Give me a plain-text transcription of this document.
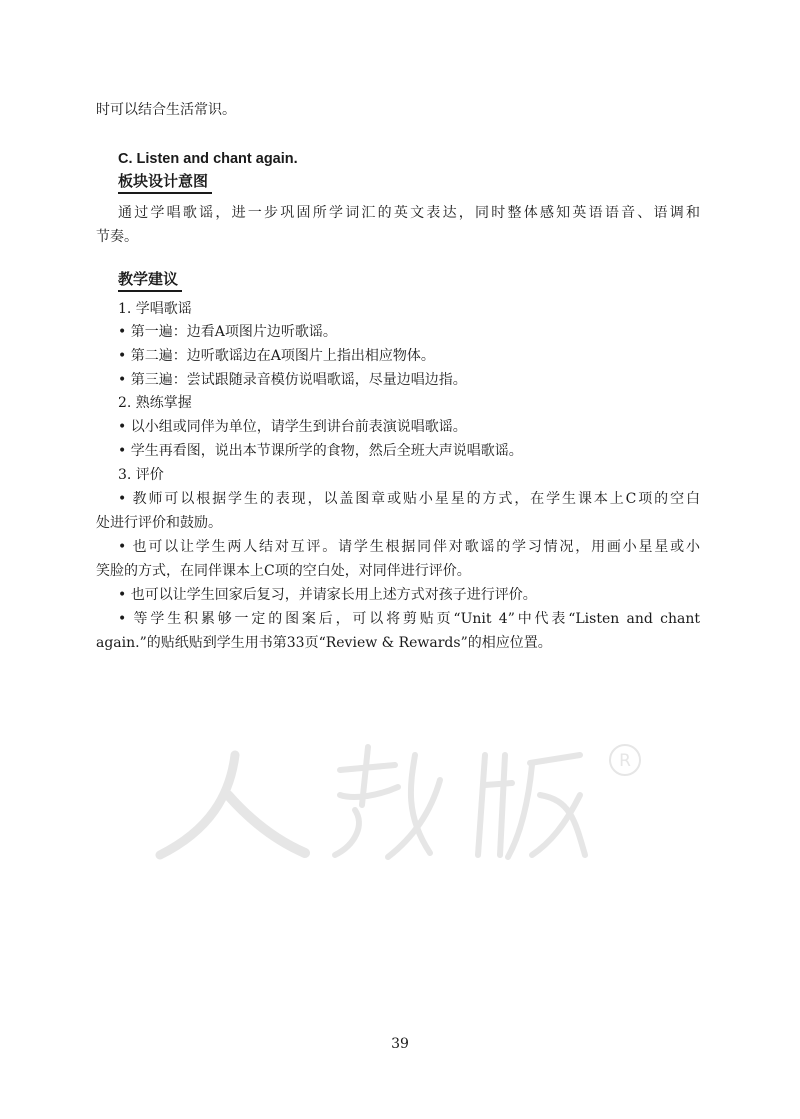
时可以结合生活常识。
C. Listen and chant again.
板块设计意图
通过学唱歌谣，进一步巩固所学词汇的英文表达，同时整体感知英语语音、语调和
节奏。
教学建议
1. 学唱歌谣
• 第一遍：边看A项图片边听歌谣。
• 第二遍：边听歌谣边在A项图片上指出相应物体。
• 第三遍：尝试跟随录音模仿说唱歌谣，尽量边唱边指。
2. 熟练掌握
• 以小组或同伴为单位，请学生到讲台前表演说唱歌谣。
• 学生再看图，说出本节课所学的食物，然后全班大声说唱歌谣。
3. 评价
• 教师可以根据学生的表现，以盖图章或贴小星星的方式，在学生课本上C项的空白
处进行评价和鼓励。
• 也可以让学生两人结对互评。请学生根据同伴对歌谣的学习情况，用画小星星或小
笑脸的方式，在同伴课本上C项的空白处，对同伴进行评价。
• 也可以让学生回家后复习，并请家长用上述方式对孩子进行评价。
• 等学生积累够一定的图案后，可以将剪贴页“Unit 4”中代表“Listen and chant
again.”的贴纸贴到学生用书第33页“Review & Rewards”的相应位置。
R
39
